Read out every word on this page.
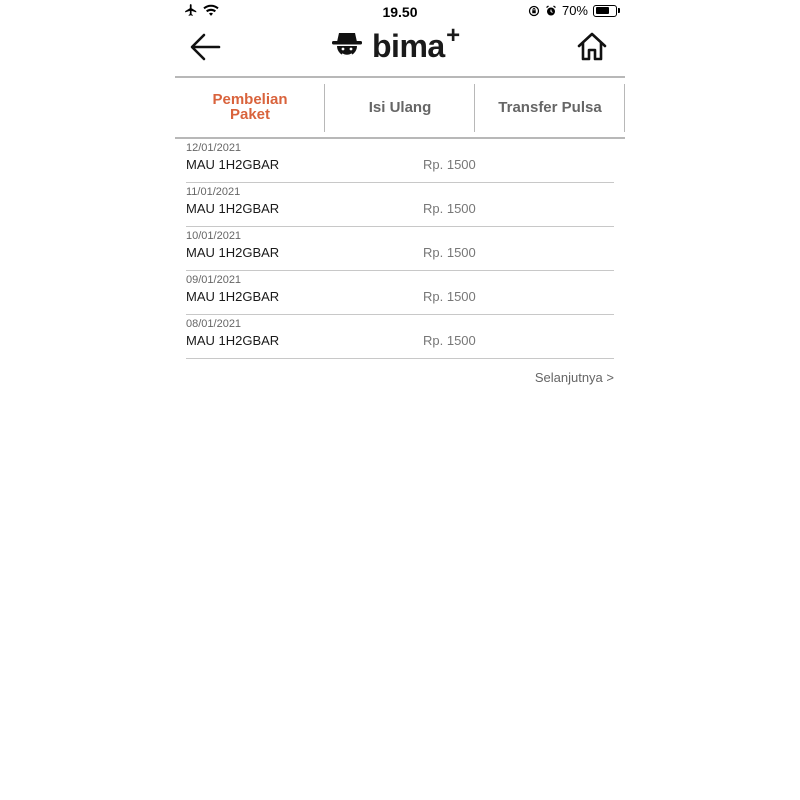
19.50	70%
bima +
Pembelian Paket	Isi Ulang	Transfer Pulsa
12/01/2021
MAU 1H2GBAR	Rp. 1500
11/01/2021
MAU 1H2GBAR	Rp. 1500
10/01/2021
MAU 1H2GBAR	Rp. 1500
09/01/2021
MAU 1H2GBAR	Rp. 1500
08/01/2021
MAU 1H2GBAR	Rp. 1500
Selanjutnya >
